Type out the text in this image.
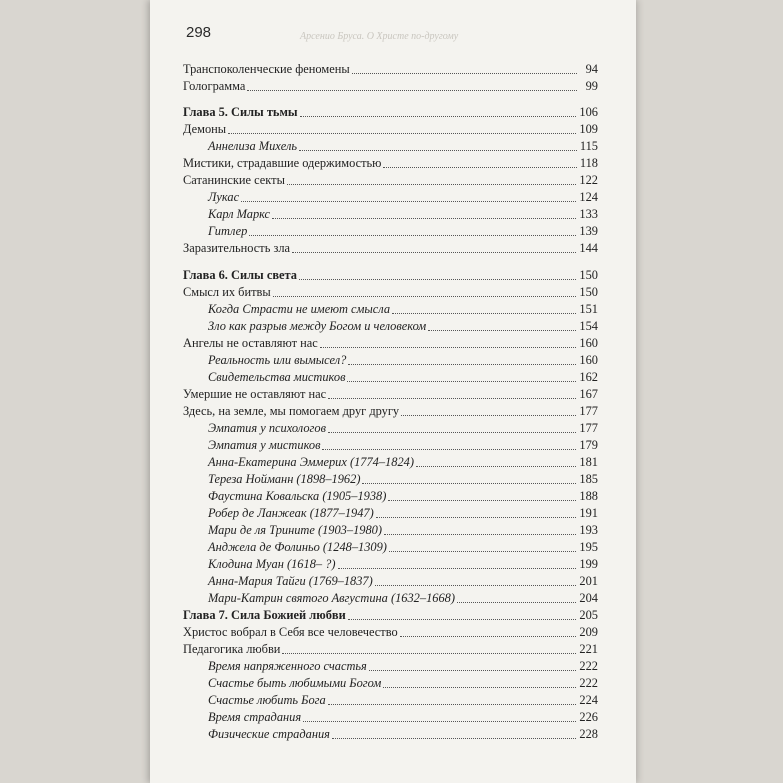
298	Арсенио Бруса. О Христе по-другому
Транспоколенческие феномены	94
Голограмма	99
Глава 5. Силы тьмы	106
Демоны	109
Аннелиза Михель	115
Мистики, страдавшие одержимостью	118
Сатанинские секты	122
Лукас	124
Карл Маркс	133
Гитлер	139
Заразительность зла	144
Глава 6. Силы света	150
Смысл их битвы	150
Когда Страсти не имеют смысла	151
Зло как разрыв между Богом и человеком	154
Ангелы не оставляют нас	160
Реальность или вымысел?	160
Свидетельства мистиков	162
Умершие не оставляют нас	167
Здесь, на земле, мы помогаем друг другу	177
Эмпатия у психологов	177
Эмпатия у мистиков	179
Анна-Екатерина Эммерих (1774–1824)	181
Тереза Нойманн (1898–1962)	185
Фаустина Ковальска (1905–1938)	188
Робер де Ланжеак (1877–1947)	191
Мари де ля Трините (1903–1980)	193
Анджела де Фолиньо (1248–1309)	195
Клодина Муан (1618– ?)	199
Анна-Мария Тайги (1769–1837)	201
Мари-Катрин святого Августина (1632–1668)	204
Глава 7. Сила Божией любви	205
Христос вобрал в Себя все человечество	209
Педагогика любви	221
Время напряженного счастья	222
Счастье быть любимыми Богом	222
Счастье любить Бога	224
Время страдания	226
Физические страдания	228
